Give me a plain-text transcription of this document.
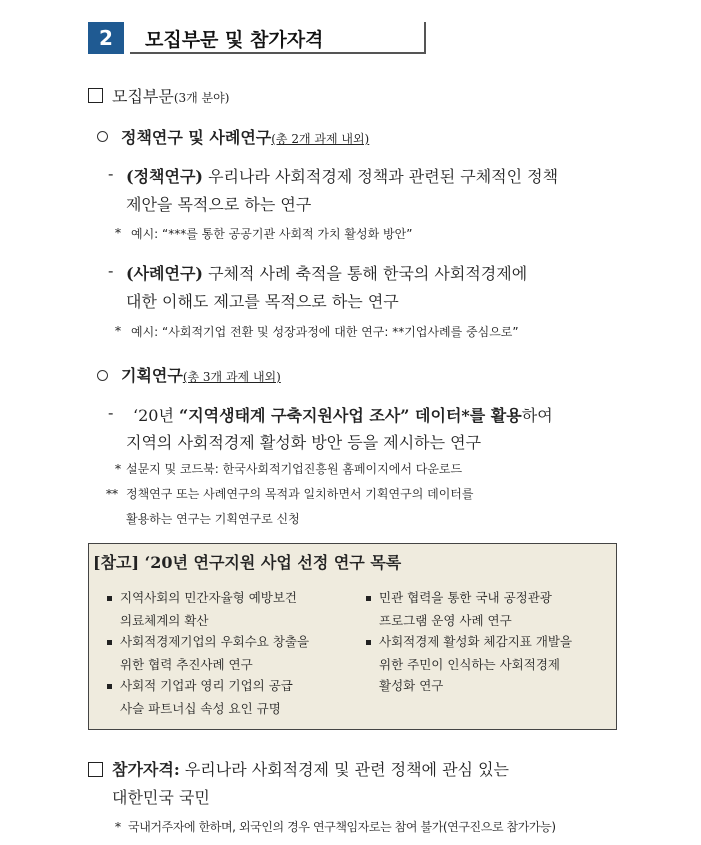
2	모집부문 및 참가자격
모집부문(3개 분야)
정책연구 및 사례연구(총 2개 과제 내외)
- (정책연구) 우리나라 사회적경제 정책과 관련된 구체적인 정책
제안을 목적으로 하는 연구
* 예시: “***를 통한 공공기관 사회적 가치 활성화 방안”
- (사례연구) 구체적 사례 축적을 통해 한국의 사회적경제에
대한 이해도 제고를 목적으로 하는 연구
* 예시: “사회적기업 전환 및 성장과정에 대한 연구: **기업사례를 중심으로”
기획연구(총 3개 과제 내외)
- ‘20년 “지역생태계 구축지원사업 조사” 데이터*를 활용하여
지역의 사회적경제 활성화 방안 등을 제시하는 연구
* 설문지 및 코드북: 한국사회적기업진흥원 홈페이지에서 다운로드
** 정책연구 또는 사례연구의 목적과 일치하면서 기획연구의 데이터를
활용하는 연구는 기획연구로 신청
[참고] ‘20년 연구지원 사업 선정 연구 목록
지역사회의 민간자율형 예방보건
의료체계의 확산
사회적경제기업의 우회수요 창출을
위한 협력 추진사례 연구
사회적 기업과 영리 기업의 공급
사슬 파트너십 속성 요인 규명
민관 협력을 통한 국내 공정관광
프로그램 운영 사례 연구
사회적경제 활성화 체감지표 개발을
위한 주민이 인식하는 사회적경제
활성화 연구
참가자격: 우리나라 사회적경제 및 관련 정책에 관심 있는
대한민국 국민
* 국내거주자에 한하며, 외국인의 경우 연구책임자로는 참여 불가(연구진으로 참가가능)
